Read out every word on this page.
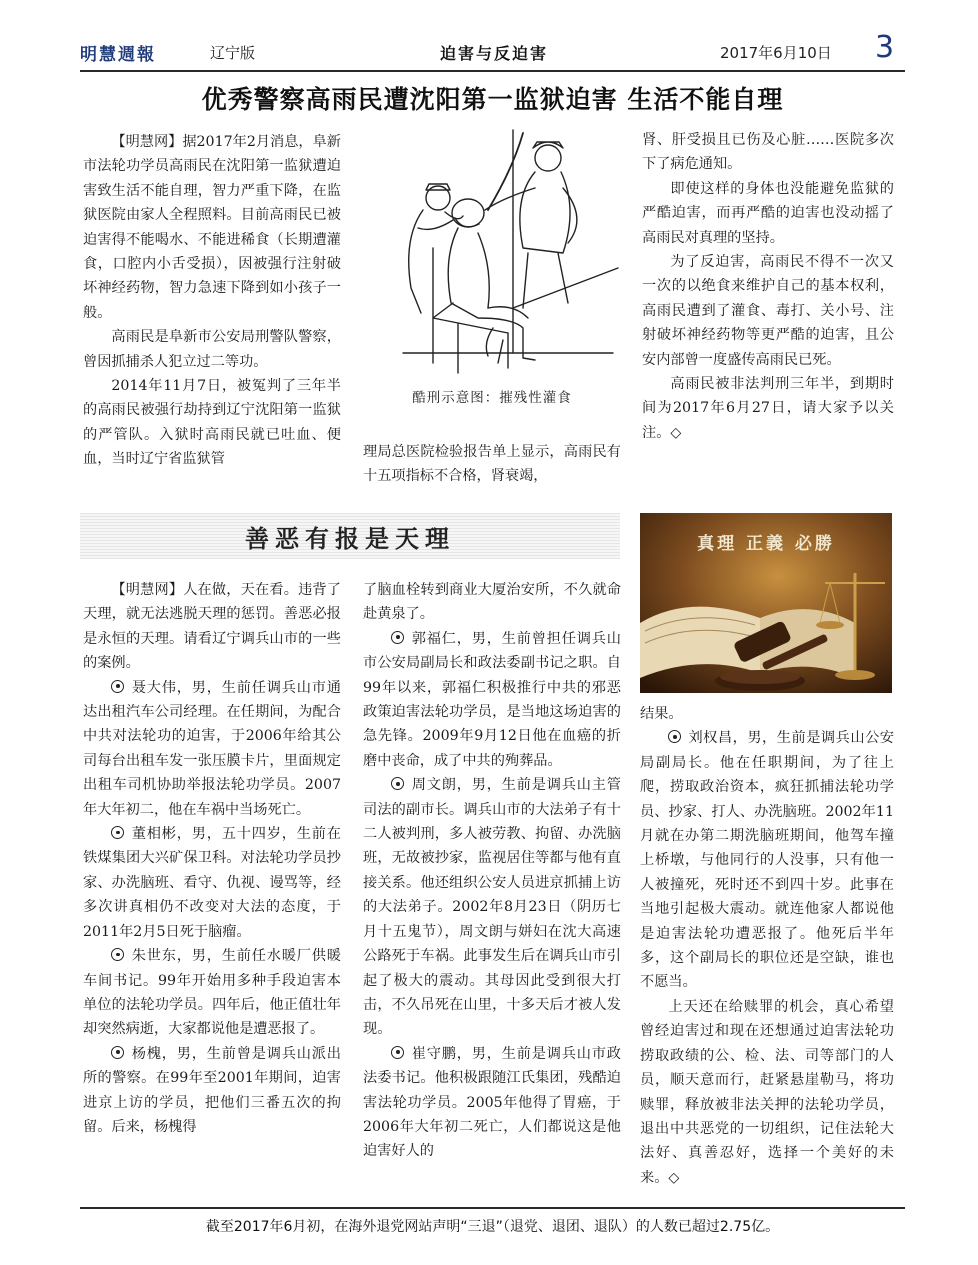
明慧週報	辽宁版	迫害与反迫害	2017年6月10日 3
优秀警察高雨民遭沈阳第一监狱迫害 生活不能自理

【明慧网】据2017年2月消息，阜新市法轮功学员高雨民在沈阳第一监狱遭迫害致生活不能自理，智力严重下降，在监狱医院由家人全程照料。目前高雨民已被迫害得不能喝水、不能进稀食（长期遭灌食，口腔内小舌受损），因被强行注射破坏神经药物，智力急速下降到如小孩子一般。

高雨民是阜新市公安局刑警队警察，曾因抓捕杀人犯立过二等功。

2014年11月7日，被冤判了三年半的高雨民被强行劫持到辽宁沈阳第一监狱的严管队。入狱时高雨民就已吐血、便血，当时辽宁省监狱管

酷刑示意图：摧残性灌食

理局总医院检验报告单上显示，高雨民有十五项指标不合格，肾衰竭，

肾、肝受损且已伤及心脏……医院多次下了病危通知。

即使这样的身体也没能避免监狱的严酷迫害，而再严酷的迫害也没动摇了高雨民对真理的坚持。

为了反迫害，高雨民不得不一次又一次的以绝食来维护自己的基本权利，高雨民遭到了灌食、毒打、关小号、注射破坏神经药物等更严酷的迫害，且公安内部曾一度盛传高雨民已死。

高雨民被非法判刑三年半，到期时间为2017年6月27日，请大家予以关注。◇

善恶有报是天理	真理 正義 必勝

【明慧网】人在做，天在看。违背了天理，就无法逃脱天理的惩罚。善恶必报是永恒的天理。请看辽宁调兵山市的一些的案例。

聂大伟，男，生前任调兵山市通达出租汽车公司经理。在任期间，为配合中共对法轮功的迫害，于2006年给其公司每台出租车发一张压膜卡片，里面规定出租车司机协助举报法轮功学员。2007年大年初二，他在车祸中当场死亡。

董相彬，男，五十四岁，生前在铁煤集团大兴矿保卫科。对法轮功学员抄家、办洗脑班、看守、仇视、谩骂等，经多次讲真相仍不改变对大法的态度，于2011年2月5日死于脑瘤。

朱世东，男，生前任水暖厂供暖车间书记。99年开始用多种手段迫害本单位的法轮功学员。四年后，他正值壮年却突然病逝，大家都说他是遭恶报了。

杨槐，男，生前曾是调兵山派出所的警察。在99年至2001年期间，迫害进京上访的学员，把他们三番五次的拘留。后来，杨槐得

了脑血栓转到商业大厦治安所，不久就命赴黄泉了。

郭福仁，男，生前曾担任调兵山市公安局副局长和政法委副书记之职。自99年以来，郭福仁积极推行中共的邪恶政策迫害法轮功学员，是当地这场迫害的急先锋。2009年9月12日他在血癌的折磨中丧命，成了中共的殉葬品。

周文朗，男，生前是调兵山主管司法的副市长。调兵山市的大法弟子有十二人被判刑，多人被劳教、拘留、办洗脑班，无故被抄家，监视居住等都与他有直接关系。他还组织公安人员进京抓捕上访的大法弟子。2002年8月23日（阴历七月十五鬼节），周文朗与姘妇在沈大高速公路死于车祸。此事发生后在调兵山市引起了极大的震动。其母因此受到很大打击，不久吊死在山里，十多天后才被人发现。

崔守鹏，男，生前是调兵山市政法委书记。他积极跟随江氏集团，残酷迫害法轮功学员。2005年他得了胃癌，于2006年大年初二死亡，人们都说这是他迫害好人的

结果。

刘权昌，男，生前是调兵山公安局副局长。他在任职期间，为了往上爬，捞取政治资本，疯狂抓捕法轮功学员、抄家、打人、办洗脑班。2002年11月就在办第二期洗脑班期间，他驾车撞上桥墩，与他同行的人没事，只有他一人被撞死，死时还不到四十岁。此事在当地引起极大震动。就连他家人都说他是迫害法轮功遭恶报了。他死后半年多，这个副局长的职位还是空缺，谁也不愿当。

上天还在给赎罪的机会，真心希望曾经迫害过和现在还想通过迫害法轮功捞取政绩的公、检、法、司等部门的人员，顺天意而行，赶紧悬崖勒马，将功赎罪，释放被非法关押的法轮功学员，退出中共恶党的一切组织，记住法轮大法好、真善忍好，选择一个美好的未来。◇

截至2017年6月初，在海外退党网站声明“三退”（退党、退团、退队）的人数已超过2.75亿。
